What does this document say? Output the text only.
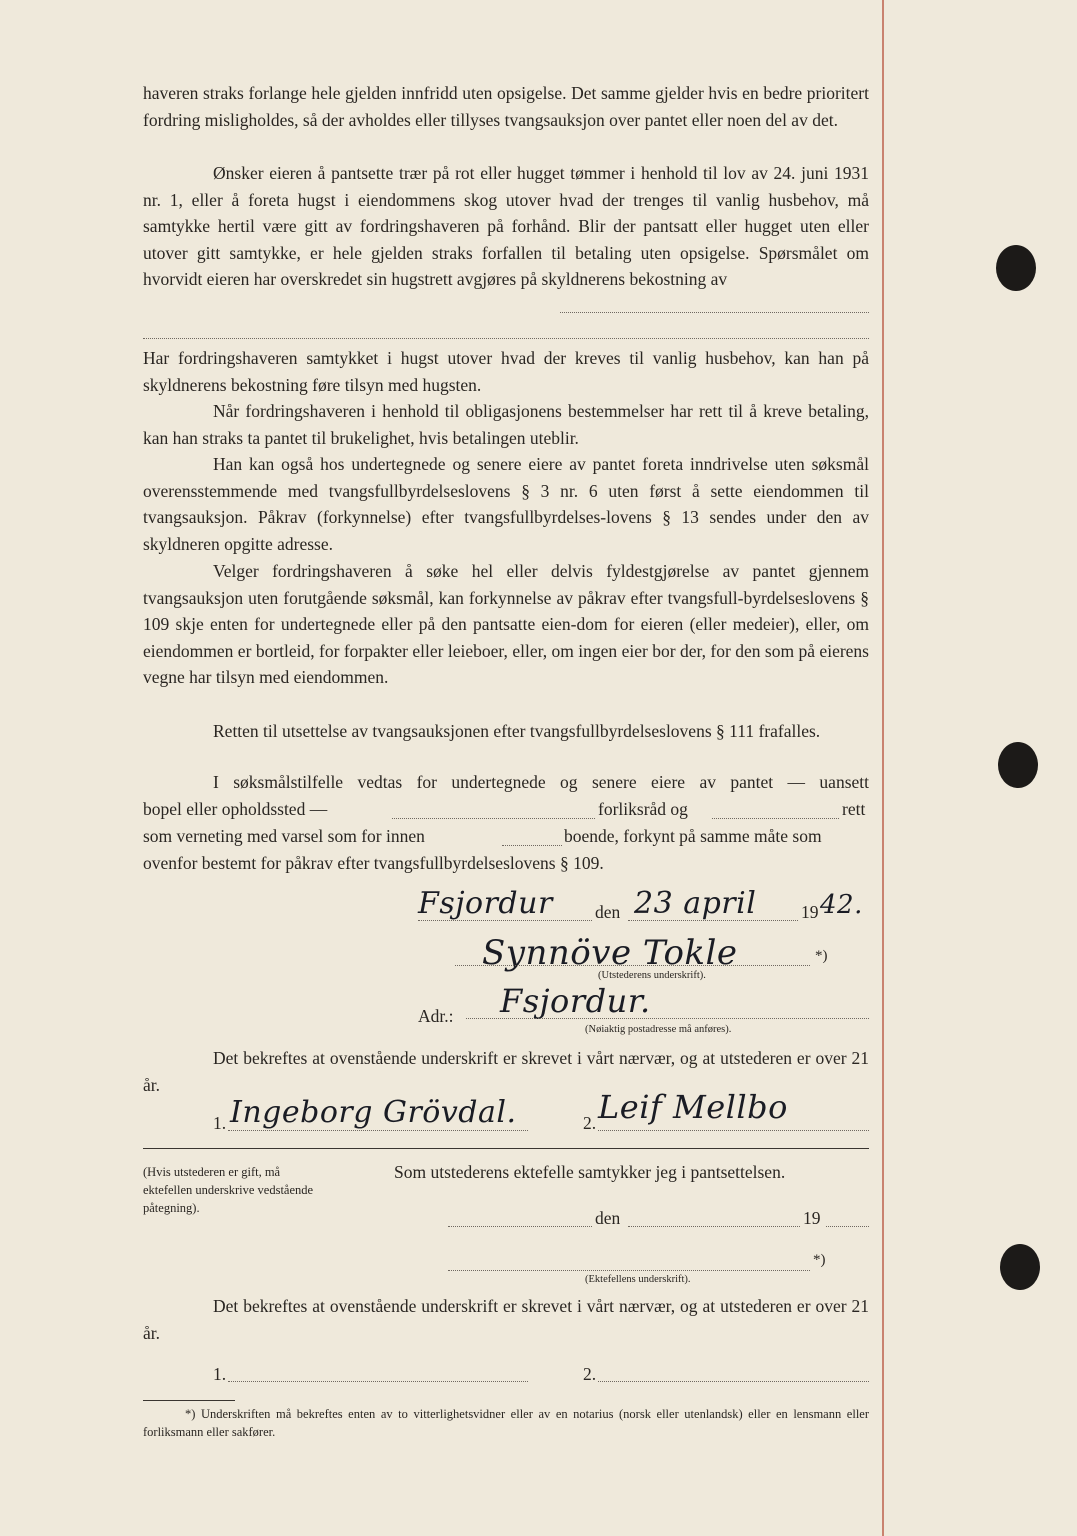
haveren straks forlange hele gjelden innfridd uten opsigelse. Det samme gjelder hvis en bedre prioritert fordring misligholdes, så der avholdes eller tillyses tvangsauksjon over pantet eller noen del av det.

Ønsker eieren å pantsette trær på rot eller hugget tømmer i henhold til lov av 24. juni 1931 nr. 1, eller å foreta hugst i eiendommens skog utover hvad der trenges til vanlig husbehov, må samtykke hertil være gitt av fordringshaveren på forhånd. Blir der pantsatt eller hugget uten eller utover gitt samtykke, er hele gjelden straks forfallen til betaling uten opsigelse. Spørsmålet om hvorvidt eieren har overskredet sin hugstrett avgjøres på skyldnerens bekostning av

Har fordringshaveren samtykket i hugst utover hvad der kreves til vanlig husbehov, kan han på skyldnerens bekostning føre tilsyn med hugsten.

Når fordringshaveren i henhold til obligasjonens bestemmelser har rett til å kreve betaling, kan han straks ta pantet til brukelighet, hvis betalingen uteblir.

Han kan også hos undertegnede og senere eiere av pantet foreta inndrivelse uten søksmål overensstemmende med tvangsfullbyrdelseslovens § 3 nr. 6 uten først å sette eiendommen til tvangsauksjon. Påkrav (forkynnelse) efter tvangsfullbyrdelses-lovens § 13 sendes under den av skyldneren opgitte adresse.

Velger fordringshaveren å søke hel eller delvis fyldestgjørelse av pantet gjennem tvangsauksjon uten forutgående søksmål, kan forkynnelse av påkrav efter tvangsfull-byrdelseslovens § 109 skje enten for undertegnede eller på den pantsatte eien-dom for eieren (eller medeier), eller, om eiendommen er bortleid, for forpakter eller leieboer, eller, om ingen eier bor der, for den som på eierens vegne har tilsyn med eiendommen.

Retten til utsettelse av tvangsauksjonen efter tvangsfullbyrdelseslovens § 111 frafalles.

I søksmålstilfelle vedtas for undertegnede og senere eiere av pantet — uansett
bopel eller opholdssted —	forliksråd og	rett
som verneting med varsel som for innen	boende, forkynt på samme måte som
ovenfor bestemt for påkrav efter tvangsfullbyrdelseslovens § 109.
Fsjordur den 23 april	19 42.
Synnöve Tokle	*)
(Utstederens underskrift).
Adr.: Fsjordur.
(Nøiaktig postadresse må anføres).

Det bekreftes at ovenstående underskrift er skrevet i vårt nærvær, og at utstederen er over 21 år.

1. Ingeborg Grövdal.	2. Leif Mellbo
(Hvis utstederen er gift, må ektefellen underskrive vedstående påtegning).
Som utstederens ektefelle samtykker jeg i pantsettelsen.
den	19
*)
(Ektefellens underskrift).

Det bekreftes at ovenstående underskrift er skrevet i vårt nærvær, og at utstederen er over 21 år.

1.	2.
*) Underskriften må bekreftes enten av to vitterlighetsvidner eller av en notarius (norsk eller utenlandsk) eller en lensmann eller forliksmann eller sakfører.
